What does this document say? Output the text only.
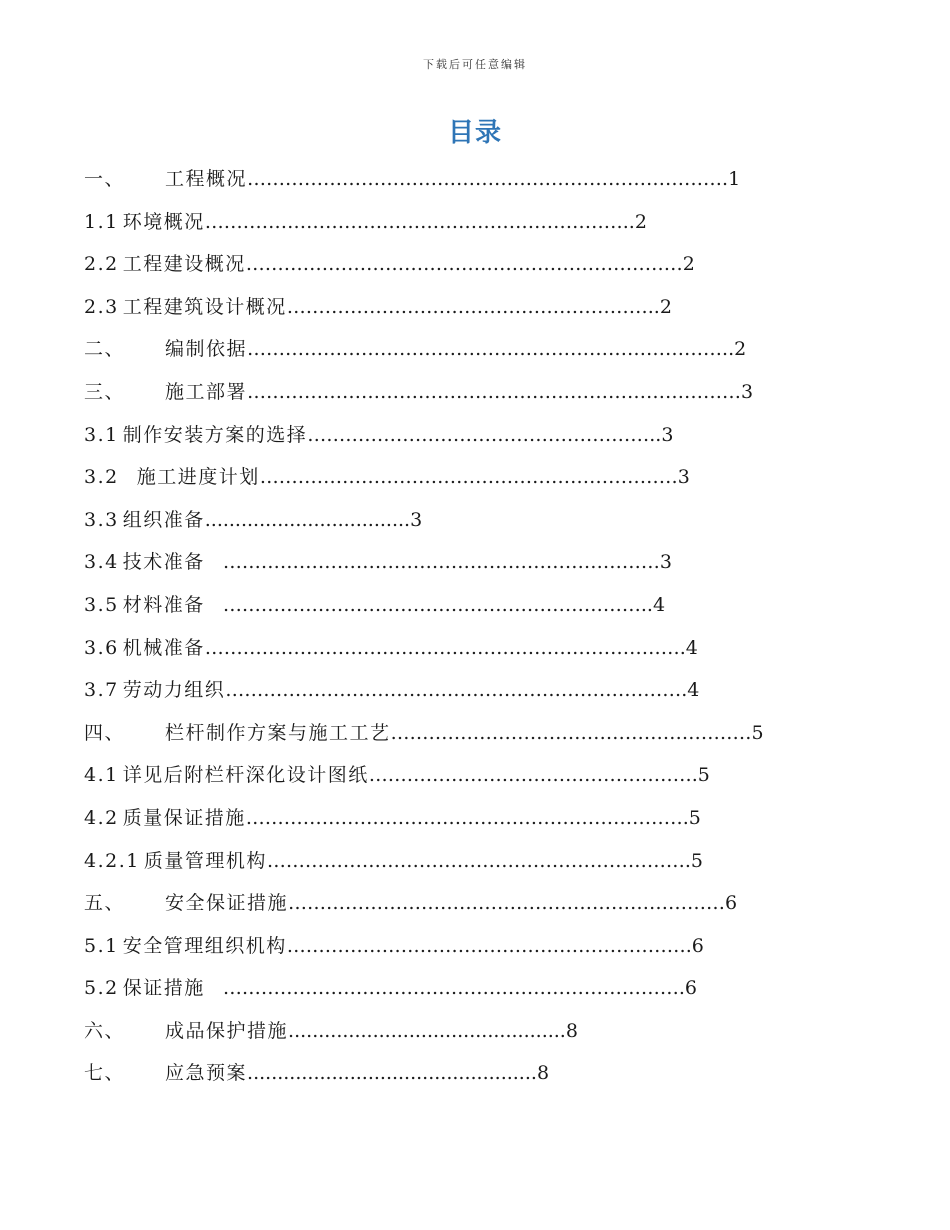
下载后可任意编辑
目录
一、 工程概况………………………………………………………………….1
1.1 环境概况…………………………………………………………..2
2.2 工程建设概况……………………………………………………………2
2.3 工程建筑设计概况…………………………………………………..2
二、 编制依据…………………………………………………………………..2
三、 施工部署……………………………………………………………………3
3.1 制作安装方案的选择………………………………………………..3
3.2 施工进度计划…………………………………………………………3
3.3 组织准备..................................3
3.4 技术准备   ……………………………………………………………3
3.5 材料准备   …………………………………………………………..4
3.6 机械准备………………………………………………………………….4
3.7 劳动力组织……………………………………………………………….4
四、 栏杆制作方案与施工工艺…………………………………………………5
4.1 详见后附栏杆深化设计图纸…………………………………………….5
4.2 质量保证措施…………………………………………………………….5
4.2.1 质量管理机构………………………………………………………….5
五、 安全保证措施……………………………………………………………6
5.1 安全管理组织机构……………………………………………………….6
5.2 保证措施   ……………………………………………………………….6
六、 成品保护措施..............................................8
七、 应急预案................................................8
